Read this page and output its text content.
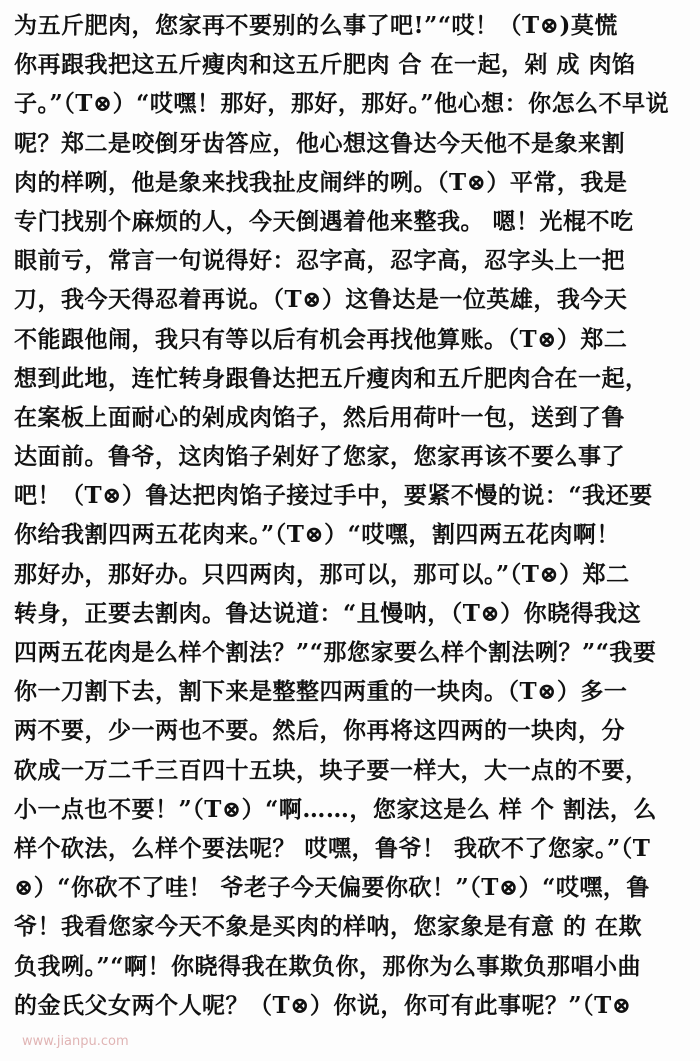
为五斤肥肉，您家再不要别的么事了吧!”“哎！（T⊗)莫慌
你再跟我把这五斤瘦肉和这五斤肥肉 合 在一起，剁 成 肉馅
子。”（T⊗）“哎嘿！那好，那好，那好。”他心想：你怎么不早说
呢？郑二是咬倒牙齿答应，他心想这鲁达今天他不是象来割
肉的样咧，他是象来找我扯皮闹绊的咧。（T⊗）平常，我是
专门找别个麻烦的人，今天倒遇着他来整我。 嗯！光棍不吃
眼前亏，常言一句说得好：忍字高，忍字高，忍字头上一把
刀，我今天得忍着再说。（T⊗）这鲁达是一位英雄，我今天
不能跟他闹，我只有等以后有机会再找他算账。（T⊗）郑二
想到此地，连忙转身跟鲁达把五斤瘦肉和五斤肥肉合在一起，
在案板上面耐心的剁成肉馅子，然后用荷叶一包，送到了鲁
达面前。鲁爷，这肉馅子剁好了您家，您家再该不要么事了
吧！（T⊗）鲁达把肉馅子接过手中，要紧不慢的说：“我还要
你给我割四两五花肉来。”（T⊗）“哎嘿，割四两五花肉啊！
那好办，那好办。只四两肉，那可以，那可以。”（T⊗）郑二
转身，正要去割肉。鲁达说道：“且慢呐，（T⊗）你晓得我这
四两五花肉是么样个割法？”“那您家要么样个割法咧？”“我要
你一刀割下去，割下来是整整四两重的一块肉。（T⊗）多一
两不要，少一两也不要。然后，你再将这四两的一块肉，分
砍成一万二千三百四十五块，块子要一样大，大一点的不要，
小一点也不要！”（T⊗）“啊……，您家这是么 样 个 割法，么
样个砍法，么样个要法呢？ 哎嘿，鲁爷！ 我砍不了您家。”（T
⊗）“你砍不了哇！ 爷老子今天偏要你砍！”（T⊗）“哎嘿，鲁
爷！我看您家今天不象是买肉的样呐，您家象是有意 的 在欺
负我咧。”“啊！你晓得我在欺负你，那你为么事欺负那唱小曲
的金氏父女两个人呢？（T⊗）你说，你可有此事呢？”（T⊗
www.jianpu.com
